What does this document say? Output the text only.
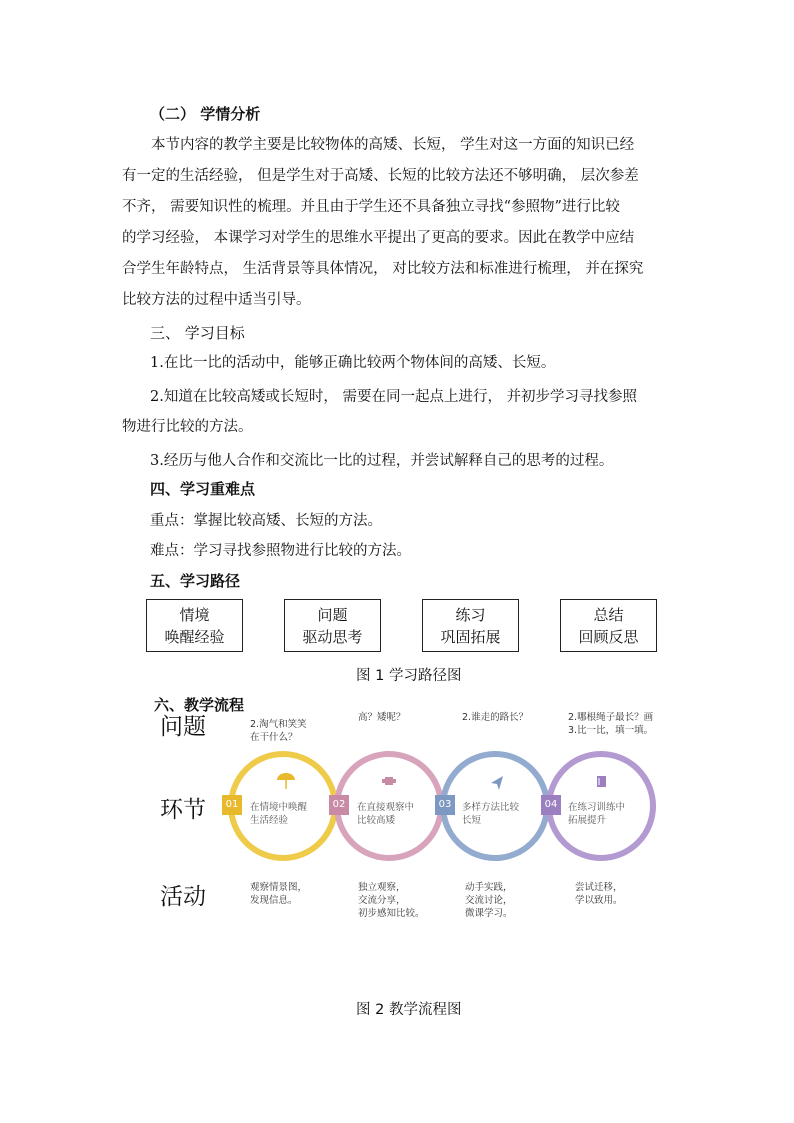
（二） 学情分析
本节内容的教学主要是比较物体的高矮、长短， 学生对这一方面的知识已经
有一定的生活经验， 但是学生对于高矮、长短的比较方法还不够明确， 层次参差
不齐， 需要知识性的梳理。并且由于学生还不具备独立寻找“参照物”进行比较
的学习经验， 本课学习对学生的思维水平提出了更高的要求。因此在教学中应结
合学生年龄特点， 生活背景等具体情况， 对比较方法和标准进行梳理， 并在探究
比较方法的过程中适当引导。
三、 学习目标
1.在比一比的活动中，能够正确比较两个物体间的高矮、长短。
2.知道在比较高矮或长短时， 需要在同一起点上进行， 并初步学习寻找参照
物进行比较的方法。
3.经历与他人合作和交流比一比的过程，并尝试解释自己的思考的过程。
四、学习重难点
重点：掌握比较高矮、长短的方法。
难点：学习寻找参照物进行比较的方法。
五、学习路径
情境
唤醒经验
问题
驱动思考
练习
巩固拓展
总结
回顾反思
图 1 学习路径图
六、教学流程
问题
环节
活动
2.淘气和笑笑
在干什么？
高？矮呢？	2.谁走的路长？	2.哪根绳子最长？画
3.比一比，填一填。
01	在情境中唤醒
生活经验
02	在直接观察中
比较高矮
03	多样方法比较
长短
04	在练习训练中
拓展提升
观察情景图，
发现信息。
独立观察，
交流分享，
初步感知比较。
动手实践，
交流讨论，
微课学习。
尝试迁移，
学以致用。
图 2 教学流程图
